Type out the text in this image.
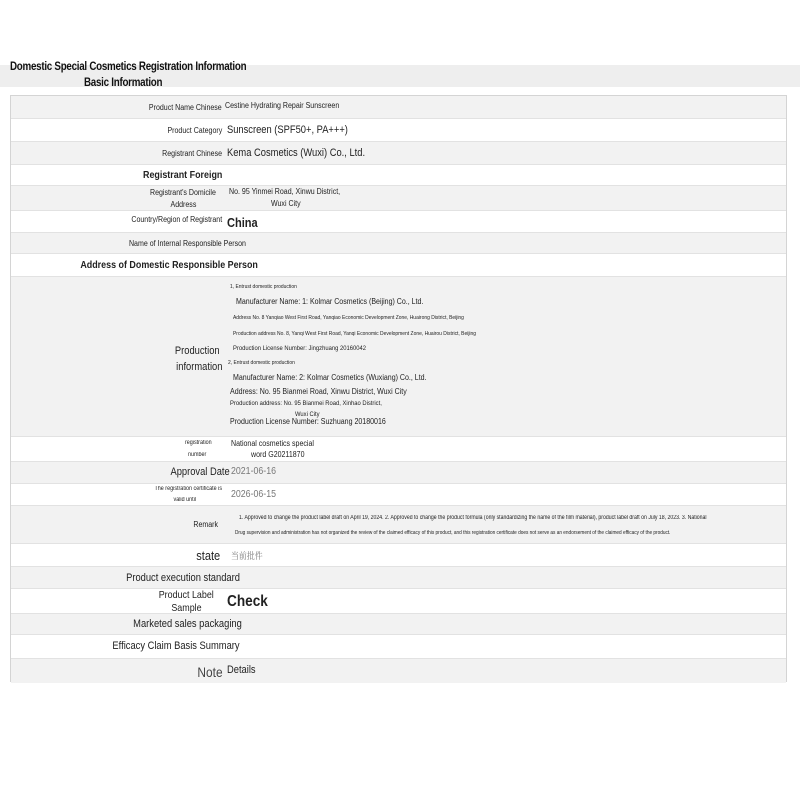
Domestic Special Cosmetics Registration Information
Basic Information
Product Name Chinese Cestine Hydrating Repair Sunscreen
Product Category Sunscreen (SPF50+, PA+++)
Registrant Chinese Kema Cosmetics (Wuxi) Co., Ltd.
Registrant Foreign
Registrant's Domicile
Address
No. 95 Yinmei Road, Xinwu District,
Wuxi City
Country/Region of Registrant China
Name of Internal Responsible Person
Address of Domestic Responsible Person
Production
information
1, Entrust domestic production
Manufacturer Name: 1: Kolmar Cosmetics (Beijing) Co., Ltd.
Address No. 8 Yanqiao West First Road, Yanqiao Economic Development Zone, Huairong District, Beijing
Production address No. 8, Yanqi West First Road, Yanqi Economic Development Zone, Huairou District, Beijing
Production License Number: Jingzhuang 20160042
2, Entrust domestic production
Manufacturer Name: 2: Kolmar Cosmetics (Wuxiang) Co., Ltd.
Address: No. 95 Bianmei Road, Xinwu District, Wuxi City
Production address: No. 95 Bianmei Road, Xinhao District,
Wuxi City
Production License Number: Suzhuang 20180016
registration
number
National cosmetics special
word G20211870
Approval Date 2021-06-16
The registration certificate is
valid until	2026-06-15
Remark
1. Approved to change the product label draft on April 19, 2024. 2. Approved to change the product formula (only standardizing the name of the film material), product label draft on July 18, 2023. 3. National
Drug supervision and administration has not organized the review of the claimed efficacy of this product, and this registration certificate does not serve as an endorsement of the claimed efficacy of the product.
state 当前批件
Product execution standard
Product Label
Sample Check
Marketed sales packaging
Efficacy Claim Basis Summary
Note Details
